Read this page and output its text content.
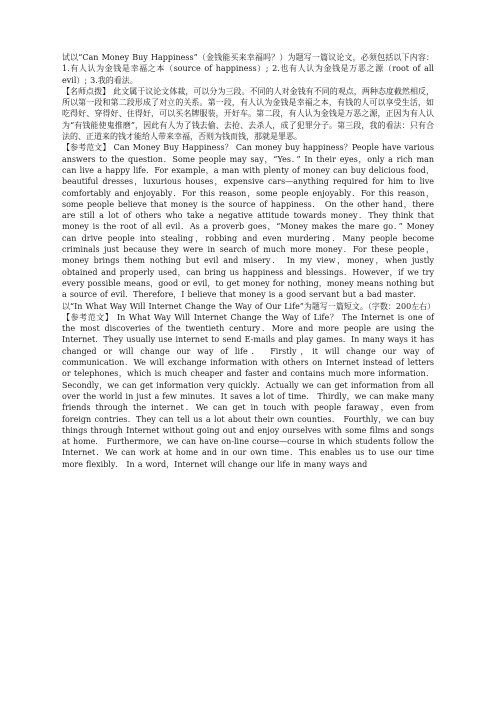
试以“Can Money Buy Happiness”（金钱能买来幸福吗？）为题写一篇议论文，必须包括以下内容：1.有人认为金钱是幸福之本（source of happiness）; 2.也有人认为金钱是万恶之源（root of all evil）; 3.我的看法。

【名师点拨】 此文属于议论文体裁，可以分为三段。不同的人对金钱有不同的观点，两种态度截然相反，所以第一段和第二段形成了对立的关系。第一段，有人认为金钱是幸福之本，有钱的人可以享受生活，如吃得好、穿得好、住得好，可以买名牌服装，开好车。第二段，有人认为金钱是万恶之源，正因为有人认为“有钱能使鬼推磨”，因此有人为了钱去偷、去抢、去杀人，成了犯罪分子。第三段，我的看法：只有合法的、正道来的钱才能给人带来幸福，否则为钱而钱，那就是罪恶。

【参考范文】 Can Money Buy Happiness？ Can money buy happiness？People have various answers to the question．Some people may say，“Yes．” In their eyes，only a rich man can live a happy life．For example，a man with plenty of money can buy delicious food，beautiful dresses，luxurious houses，expensive cars—anything required for him to live comfortably and enjoyably．For this reason，some people enjoyably．For this reason，some people believe that money is the source of happiness． On the other hand，there are still a lot of others who take a negative attitude towards money．They think that money is the root of all evil．As a proverb goes，“Money makes the mare go．” Money can drive people into stealing，robbing and even murdering．Many people become criminals just because they were in search of much more money．For these people，money brings them nothing but evil and misery． In my view，money，when justly obtained and properly used，can bring us happiness and blessings．However，if we try every possible means，good or evil，to get money for nothing，money means nothing but a source of evil．Therefore，I believe that money is a good servant but a bad master．

以“In What Way Will Internet Change the Way of Our Life”为题写一篇短文。（字数：200左右）

【参考范文】 In What Way Will Internet Change the Way of Life？ The Internet is one of the most discoveries of the twentieth century．More and more people are using the Internet．They usually use internet to send E-mails and play games．In many ways it has changed or will change our way of life． Firstly，it will change our way of communication．We will exchange information with others on Internet instead of letters or telephones，which is much cheaper and faster and contains much more information． Secondly，we can get information very quickly．Actually we can get information from all over the world in just a few minutes．It saves a lot of time． Thirdly，we can make many friends through the internet．We can get in touch with people faraway，even from foreign contries．They can tell us a lot about their own counties． Fourthly，we can buy things through Internet without going out and enjoy ourselves with some films and songs at home． Furthermore，we can have on-line course—course in which students follow the Internet．We can work at home and in our own time．This enables us to use our time more flexibly． In a word，Internet will change our life in many ways and
